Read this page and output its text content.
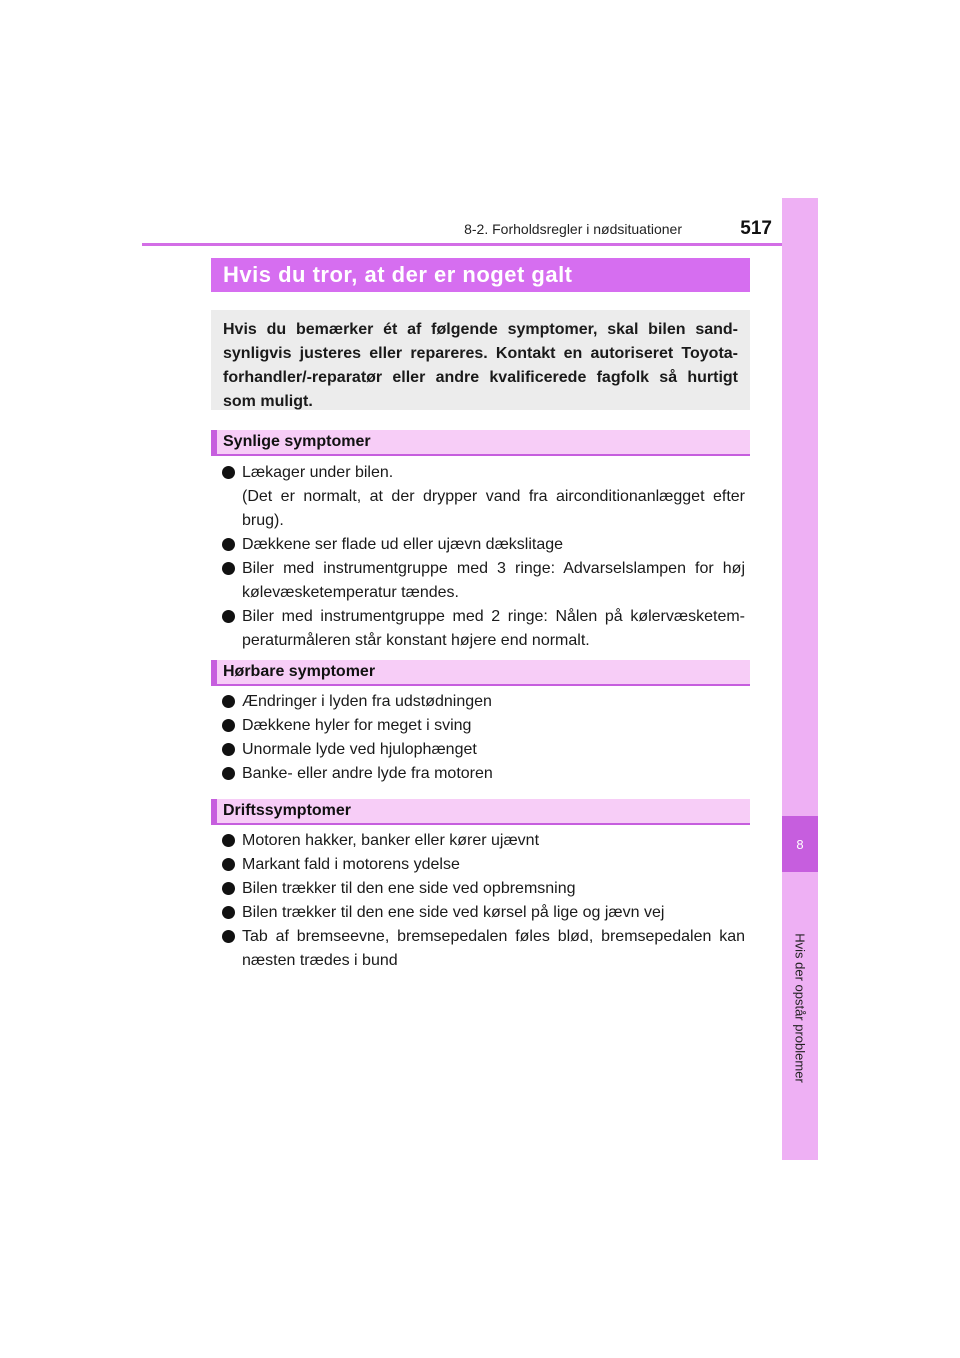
8-2. Forholdsregler i nødsituationer	517
8
Hvis der opstår problemer
Hvis du tror, at der er noget galt
Hvis du bemærker ét af følgende symptomer, skal bilen sand-synligvis justeres eller repareres. Kontakt en autoriseret Toyota-forhandler/-reparatør eller andre kvalificerede fagfolk så hurtigt som muligt.
Synlige symptomer
Lækager under bilen.
(Det er normalt, at der drypper vand fra airconditionanlægget efter brug).
Dækkene ser flade ud eller ujævn dækslitage
Biler med instrumentgruppe med 3 ringe: Advarselslampen for høj kølevæsketemperatur tændes.
Biler med instrumentgruppe med 2 ringe: Nålen på kølervæsketem-peraturmåleren står konstant højere end normalt.
Hørbare symptomer
Ændringer i lyden fra udstødningen
Dækkene hyler for meget i sving
Unormale lyde ved hjulophænget
Banke- eller andre lyde fra motoren
Driftssymptomer
Motoren hakker, banker eller kører ujævnt
Markant fald i motorens ydelse
Bilen trækker til den ene side ved opbremsning
Bilen trækker til den ene side ved kørsel på lige og jævn vej
Tab af bremseevne, bremsepedalen føles blød, bremsepedalen kan næsten trædes i bund
